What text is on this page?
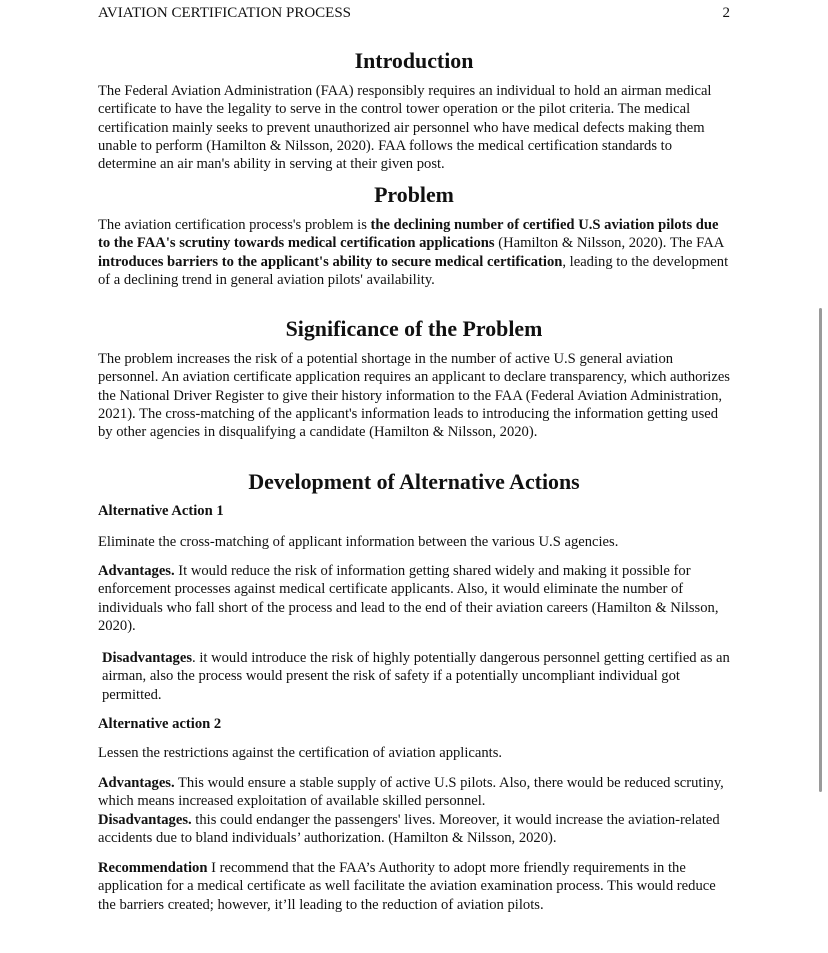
AVIATION CERTIFICATION PROCESS	2
Introduction

The Federal Aviation Administration (FAA) responsibly requires an individual to hold an airman medical certificate to have the legality to serve in the control tower operation or the pilot criteria. The medical certification mainly seeks to prevent unauthorized air personnel who have medical defects making them unable to perform (Hamilton & Nilsson, 2020). FAA follows the medical certification standards to determine an air man's ability in serving at their given post.

Problem

The aviation certification process's problem is the declining number of certified U.S aviation pilots due to the FAA's scrutiny towards medical certification applications (Hamilton & Nilsson, 2020). The FAA introduces barriers to the applicant's ability to secure medical certification, leading to the development of a declining trend in general aviation pilots' availability.

Significance of the Problem

The problem increases the risk of a potential shortage in the number of active U.S general aviation personnel. An aviation certificate application requires an applicant to declare transparency, which authorizes the National Driver Register to give their history information to the FAA (Federal Aviation Administration, 2021). The cross-matching of the applicant's information leads to introducing the information getting used by other agencies in disqualifying a candidate (Hamilton & Nilsson, 2020).

Development of Alternative Actions

Alternative Action 1

Eliminate the cross-matching of applicant information between the various U.S agencies.

Advantages. It would reduce the risk of information getting shared widely and making it possible for enforcement processes against medical certificate applicants. Also, it would eliminate the number of individuals who fall short of the process and lead to the end of their aviation careers (Hamilton & Nilsson, 2020).

Disadvantages. it would introduce the risk of highly potentially dangerous personnel getting certified as an airman, also the process would present the risk of safety if a potentially uncompliant individual got permitted.

Alternative action 2

Lessen the restrictions against the certification of aviation applicants.

Advantages. This would ensure a stable supply of active U.S pilots. Also, there would be reduced scrutiny, which means increased exploitation of available skilled personnel.
Disadvantages. this could endanger the passengers' lives. Moreover, it would increase the aviation-related accidents due to bland individuals’ authorization. (Hamilton & Nilsson, 2020).

Recommendation I recommend that the FAA’s Authority to adopt more friendly requirements in the application for a medical certificate as well facilitate the aviation examination process. This would reduce the barriers created; however, it’ll leading to the reduction of aviation pilots.
